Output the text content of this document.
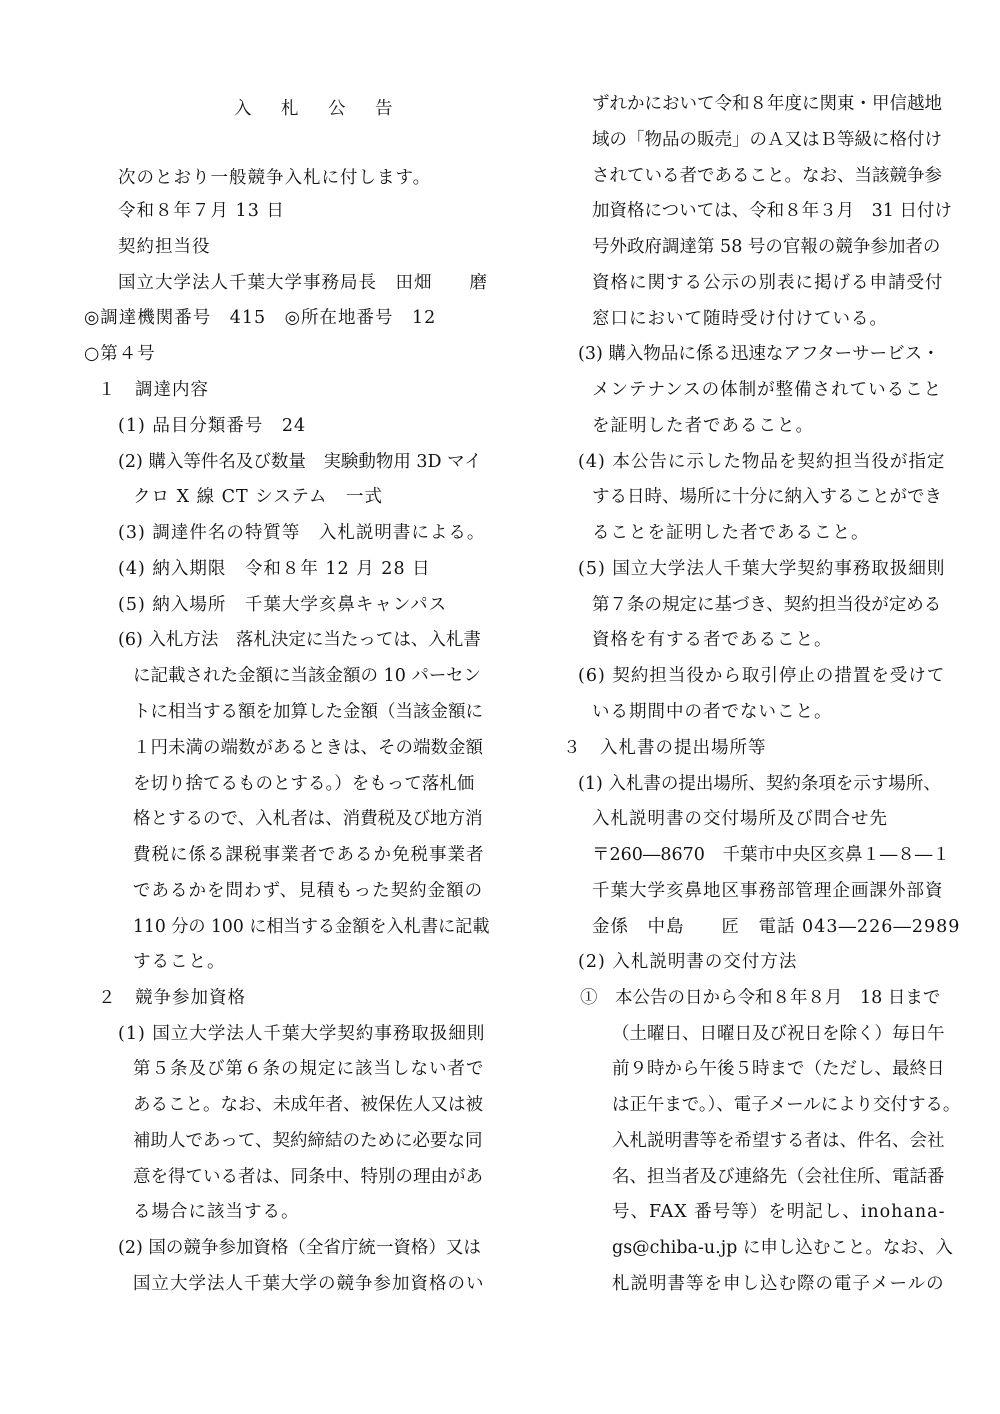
入　札　公　告
次のとおり一般競争入札に付します。
令和８年７月 13 日
契約担当役
国立大学法人千葉大学事務局長　田畑　　磨
◎調達機関番号　415　◎所在地番号　12
○第４号
１　調達内容
(1) 品目分類番号　24
(2) 購入等件名及び数量　実験動物用 3D マイ
クロ X 線 CT システム　一式
(3) 調達件名の特質等　入札説明書による。
(4) 納入期限　令和８年 12 月 28 日
(5) 納入場所　千葉大学亥鼻キャンパス
(6) 入札方法　落札決定に当たっては、入札書
に記載された金額に当該金額の 10 パーセン
トに相当する額を加算した金額（当該金額に
１円未満の端数があるときは、その端数金額
を切り捨てるものとする。）をもって落札価
格とするので、入札者は、消費税及び地方消
費税に係る課税事業者であるか免税事業者
であるかを問わず、見積もった契約金額の
110 分の 100 に相当する金額を入札書に記載
すること。
２　競争参加資格
(1) 国立大学法人千葉大学契約事務取扱細則
第５条及び第６条の規定に該当しない者で
あること。なお、未成年者、被保佐人又は被
補助人であって、契約締結のために必要な同
意を得ている者は、同条中、特別の理由があ
る場合に該当する。
(2) 国の競争参加資格（全省庁統一資格）又は
国立大学法人千葉大学の競争参加資格のい
ずれかにおいて令和８年度に関東・甲信越地
域の「物品の販売」のＡ又はＢ等級に格付け
されている者であること。なお、当該競争参
加資格については、令和８年３月　31 日付け
号外政府調達第 58 号の官報の競争参加者の
資格に関する公示の別表に掲げる申請受付
窓口において随時受け付けている。
(3) 購入物品に係る迅速なアフターサービス・
メンテナンスの体制が整備されていること
を証明した者であること。
(4) 本公告に示した物品を契約担当役が指定
する日時、場所に十分に納入することができ
ることを証明した者であること。
(5) 国立大学法人千葉大学契約事務取扱細則
第７条の規定に基づき、契約担当役が定める
資格を有する者であること。
(6) 契約担当役から取引停止の措置を受けて
いる期間中の者でないこと。
３　入札書の提出場所等
(1) 入札書の提出場所、契約条項を示す場所、
入札説明書の交付場所及び問合せ先
〒260―8670　千葉市中央区亥鼻１―８―１
千葉大学亥鼻地区事務部管理企画課外部資
金係　中島　　匠　電話 043―226―2989
(2) 入札説明書の交付方法
①　本公告の日から令和８年８月　18 日まで
（土曜日、日曜日及び祝日を除く）毎日午
前９時から午後５時まで（ただし、最終日
は正午まで。）、電子メールにより交付する。
入札説明書等を希望する者は、件名、会社
名、担当者及び連絡先（会社住所、電話番
号、FAX 番号等）を明記し、inohana-
gs@chiba-u.jp に申し込むこと。なお、入
札説明書等を申し込む際の電子メールの
